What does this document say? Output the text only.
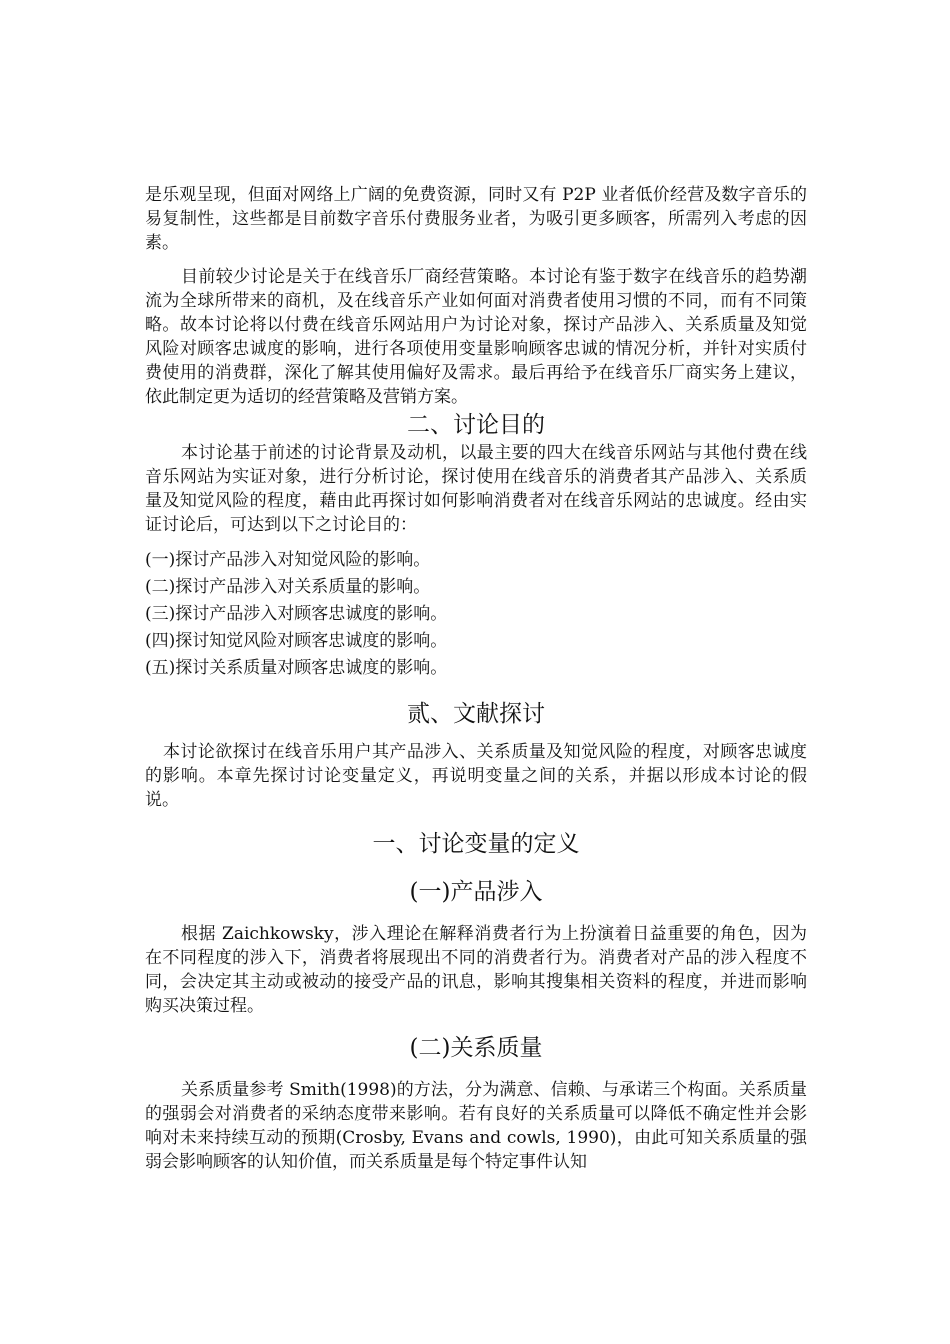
是乐观呈现，但面对网络上广阔的免费资源，同时又有 P2P 业者低价经营及数字音乐的易复制性，这些都是目前数字音乐付费服务业者，为吸引更多顾客，所需列入考虑的因素。

目前较少讨论是关于在线音乐厂商经营策略。本讨论有鉴于数字在线音乐的趋势潮流为全球所带来的商机，及在线音乐产业如何面对消费者使用习惯的不同，而有不同策略。故本讨论将以付费在线音乐网站用户为讨论对象，探讨产品涉入、关系质量及知觉风险对顾客忠诚度的影响，进行各项使用变量影响顾客忠诚的情况分析，并针对实质付费使用的消费群，深化了解其使用偏好及需求。最后再给予在线音乐厂商实务上建议，依此制定更为适切的经营策略及营销方案。

二、讨论目的

本讨论基于前述的讨论背景及动机，以最主要的四大在线音乐网站与其他付费在线音乐网站为实证对象，进行分析讨论，探讨使用在线音乐的消费者其产品涉入、关系质量及知觉风险的程度，藉由此再探讨如何影响消费者对在线音乐网站的忠诚度。经由实证讨论后，可达到以下之讨论目的：

(一)探讨产品涉入对知觉风险的影响。

(二)探讨产品涉入对关系质量的影响。

(三)探讨产品涉入对顾客忠诚度的影响。

(四)探讨知觉风险对顾客忠诚度的影响。

(五)探讨关系质量对顾客忠诚度的影响。

贰、文献探讨

本讨论欲探讨在线音乐用户其产品涉入、关系质量及知觉风险的程度，对顾客忠诚度的影响。本章先探讨讨论变量定义，再说明变量之间的关系，并据以形成本讨论的假说。

一、讨论变量的定义
(一)产品涉入

根据 Zaichkowsky，涉入理论在解释消费者行为上扮演着日益重要的角色，因为在不同程度的涉入下，消费者将展现出不同的消费者行为。消费者对产品的涉入程度不同，会决定其主动或被动的接受产品的讯息，影响其搜集相关资料的程度，并进而影响购买决策过程。

(二)关系质量

关系质量参考 Smith(1998)的方法，分为满意、信赖、与承诺三个构面。关系质量的强弱会对消费者的采纳态度带来影响。若有良好的关系质量可以降低不确定性并会影响对未来持续互动的预期(Crosby, Evans and cowls, 1990)，由此可知关系质量的强弱会影响顾客的认知价值，而关系质量是每个特定事件认知
